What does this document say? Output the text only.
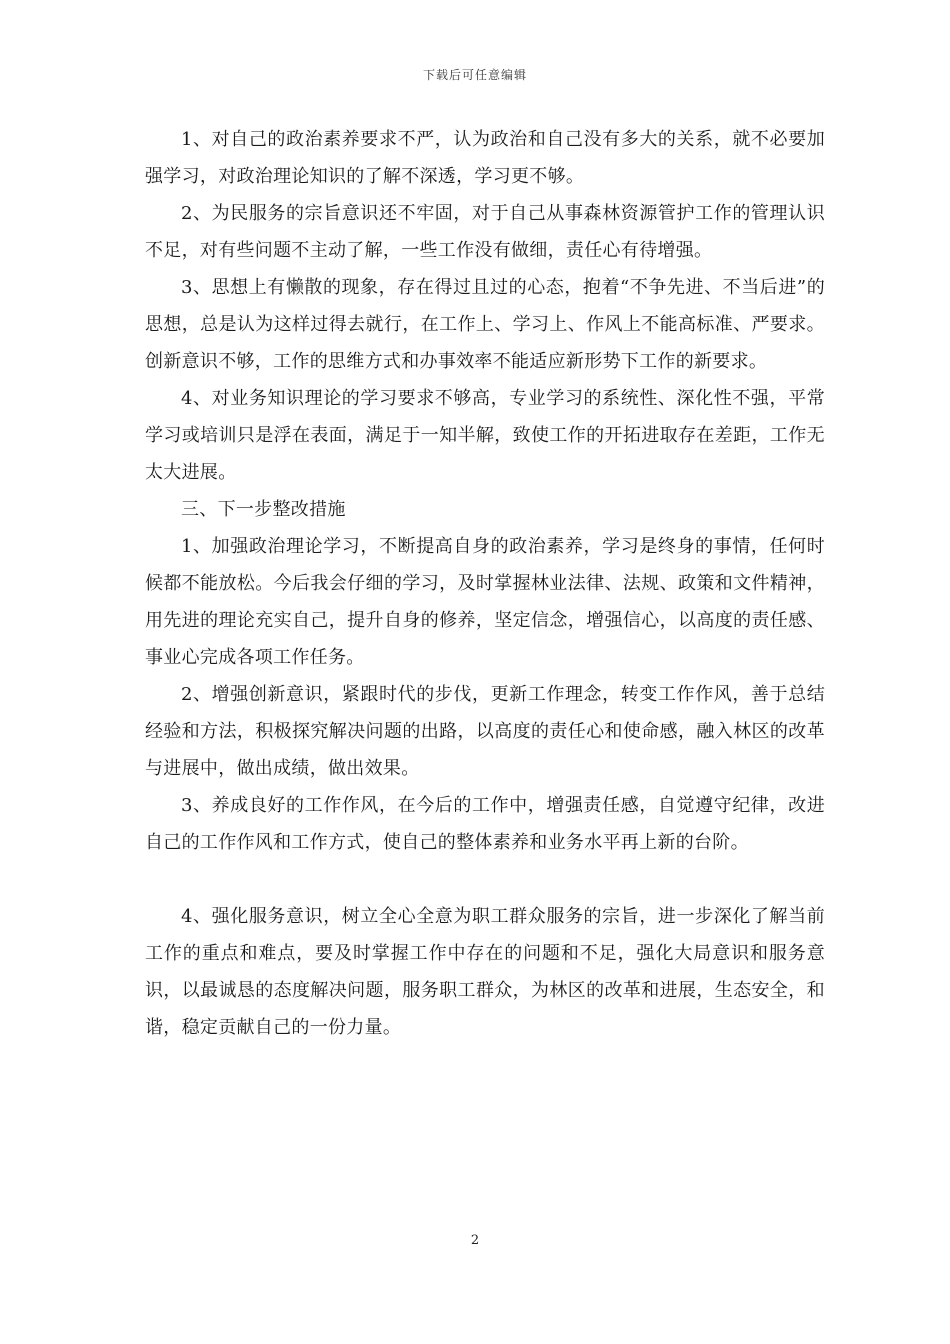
下载后可任意编辑

1、对自己的政治素养要求不严，认为政治和自己没有多大的关系，就不必要加强学习，对政治理论知识的了解不深透，学习更不够。

2、为民服务的宗旨意识还不牢固，对于自己从事森林资源管护工作的管理认识不足，对有些问题不主动了解，一些工作没有做细，责任心有待增强。

3、思想上有懒散的现象，存在得过且过的心态，抱着“不争先进、不当后进”的思想，总是认为这样过得去就行，在工作上、学习上、作风上不能高标准、严要求。创新意识不够，工作的思维方式和办事效率不能适应新形势下工作的新要求。

4、对业务知识理论的学习要求不够高，专业学习的系统性、深化性不强，平常学习或培训只是浮在表面，满足于一知半解，致使工作的开拓进取存在差距，工作无太大进展。

三、下一步整改措施

1、加强政治理论学习，不断提高自身的政治素养，学习是终身的事情，任何时候都不能放松。今后我会仔细的学习，及时掌握林业法律、法规、政策和文件精神，用先进的理论充实自己，提升自身的修养，坚定信念，增强信心，以高度的责任感、事业心完成各项工作任务。

2、增强创新意识，紧跟时代的步伐，更新工作理念，转变工作作风，善于总结经验和方法，积极探究解决问题的出路，以高度的责任心和使命感，融入林区的改革与进展中，做出成绩，做出效果。

3、养成良好的工作作风，在今后的工作中，增强责任感，自觉遵守纪律，改进自己的工作作风和工作方式，使自己的整体素养和业务水平再上新的台阶。

4、强化服务意识，树立全心全意为职工群众服务的宗旨，进一步深化了解当前工作的重点和难点，要及时掌握工作中存在的问题和不足，强化大局意识和服务意识，以最诚恳的态度解决问题，服务职工群众，为林区的改革和进展，生态安全，和谐，稳定贡献自己的一份力量。

2
